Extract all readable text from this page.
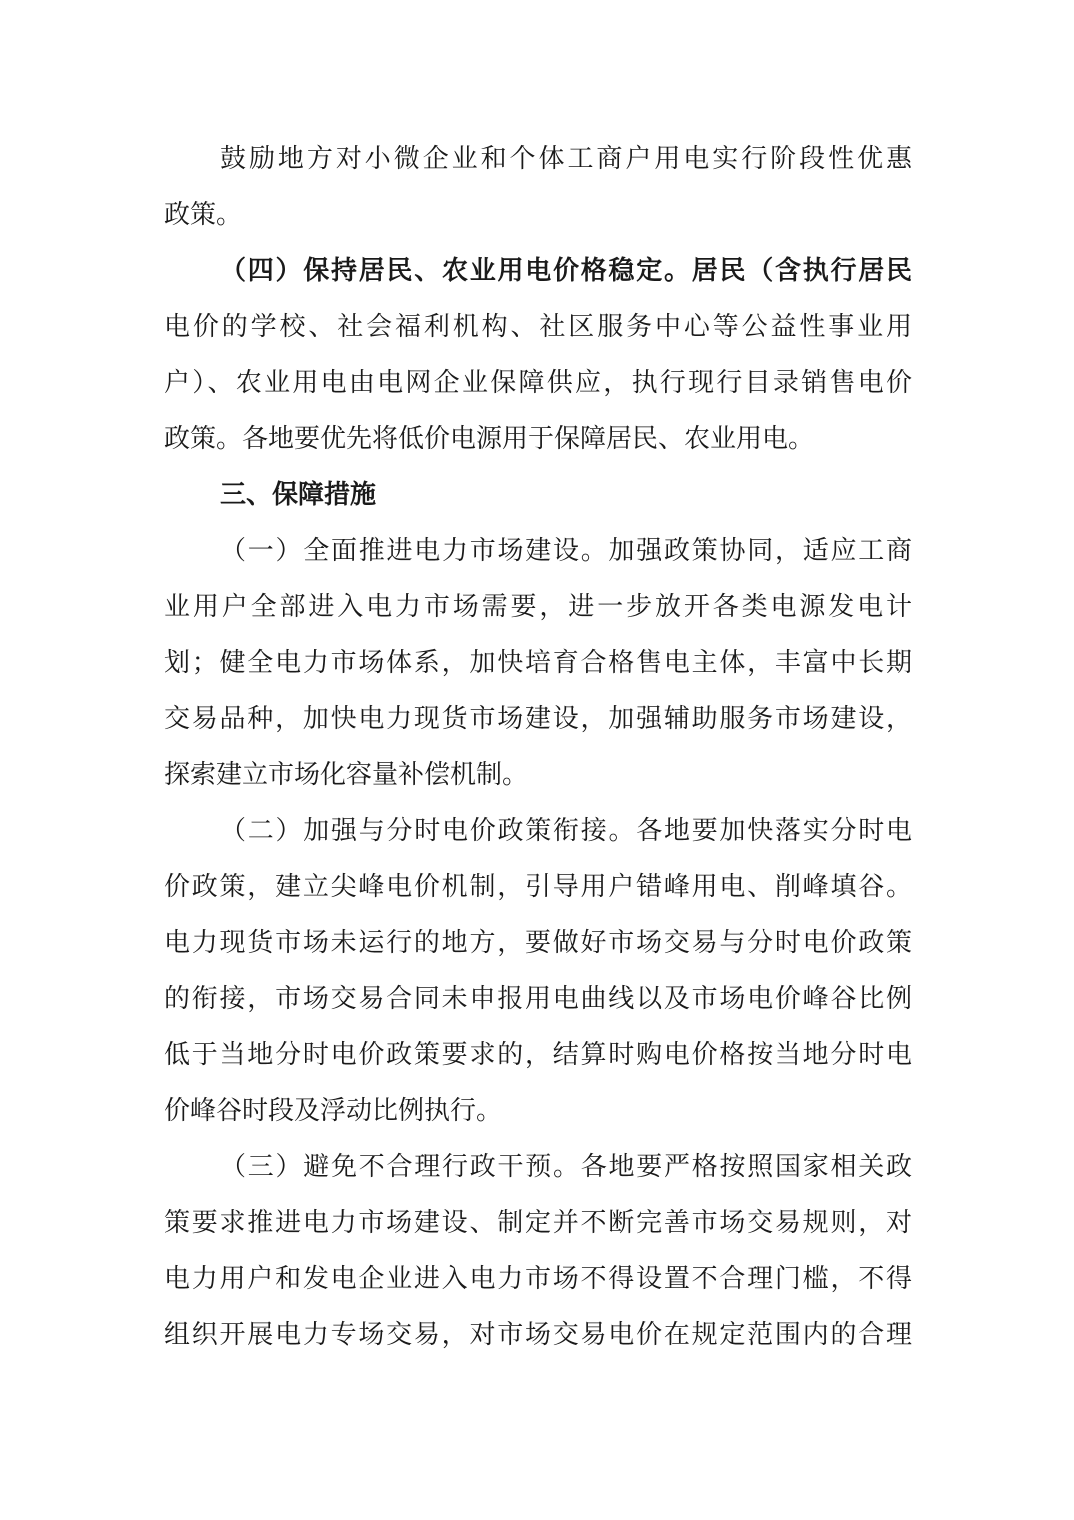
鼓励地方对小微企业和个体工商户用电实行阶段性优惠
政策。
（四）保持居民、农业用电价格稳定。居民（含执行居民
电价的学校、社会福利机构、社区服务中心等公益性事业用
户）、农业用电由电网企业保障供应，执行现行目录销售电价
政策。各地要优先将低价电源用于保障居民、农业用电。
三、保障措施
（一）全面推进电力市场建设。加强政策协同，适应工商
业用户全部进入电力市场需要，进一步放开各类电源发电计
划；健全电力市场体系，加快培育合格售电主体，丰富中长期
交易品种，加快电力现货市场建设，加强辅助服务市场建设，
探索建立市场化容量补偿机制。
（二）加强与分时电价政策衔接。各地要加快落实分时电
价政策，建立尖峰电价机制，引导用户错峰用电、削峰填谷。
电力现货市场未运行的地方，要做好市场交易与分时电价政策
的衔接，市场交易合同未申报用电曲线以及市场电价峰谷比例
低于当地分时电价政策要求的，结算时购电价格按当地分时电
价峰谷时段及浮动比例执行。
（三）避免不合理行政干预。各地要严格按照国家相关政
策要求推进电力市场建设、制定并不断完善市场交易规则，对
电力用户和发电企业进入电力市场不得设置不合理门槛，不得
组织开展电力专场交易，对市场交易电价在规定范围内的合理
